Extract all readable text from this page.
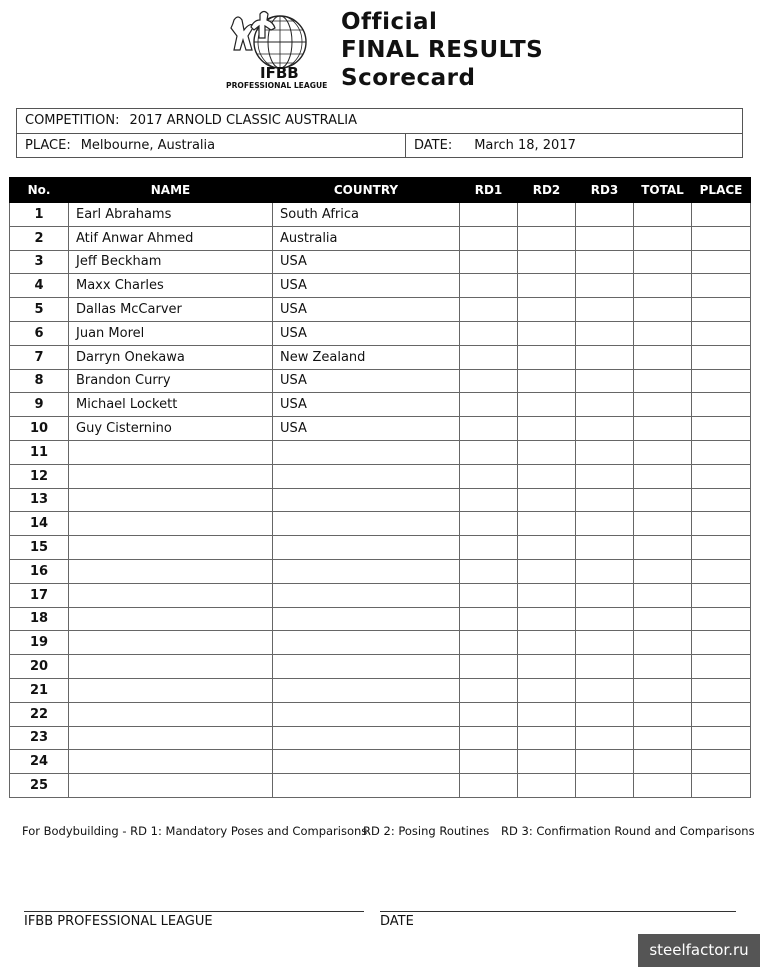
IFBB
PROFESSIONAL LEAGUE
Official
FINAL RESULTS
Scorecard
COMPETITION: 2017 ARNOLD CLASSIC AUSTRALIA
PLACE: Melbourne, Australia	DATE: March 18, 2017
No.	NAME	COUNTRY	RD1	RD2	RD3	TOTAL	PLACE
1	Earl Abrahams	South Africa					
2	Atif Anwar Ahmed	Australia					
3	Jeff Beckham	USA					
4	Maxx Charles	USA					
5	Dallas McCarver	USA					
6	Juan Morel	USA					
7	Darryn Onekawa	New Zealand					
8	Brandon Curry	USA					
9	Michael Lockett	USA					
10	Guy Cisternino	USA					
11							
12							
13							
14							
15							
16							
17							
18							
19							
20							
21							
22							
23							
24							
25							
For Bodybuilding - RD 1: Mandatory Poses and Comparisons
RD 2: Posing Routines RD 3: Confirmation Round and Comparisons
IFBB PROFESSIONAL LEAGUE	DATE
steelfactor.ru
